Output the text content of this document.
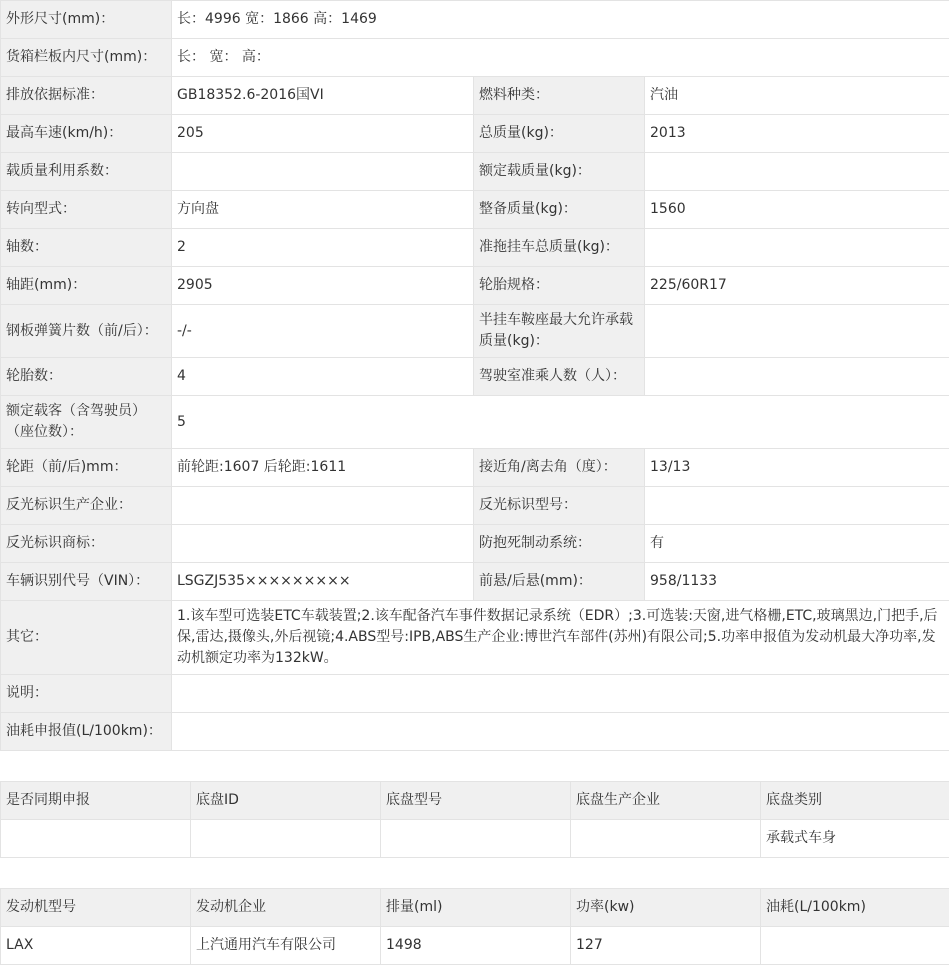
外形尺寸(mm)：	长：4996 宽：1866 高：1469		
货箱栏板内尺寸(mm)：	长： 宽： 高：		
排放依据标准：	GB18352.6-2016国VI	燃料种类：	汽油
最高车速(km/h)：	205	总质量(kg)：	2013
载质量利用系数：		额定载质量(kg)：	
转向型式：	方向盘	整备质量(kg)：	1560
轴数：	2	准拖挂车总质量(kg)：	
轴距(mm)：	2905	轮胎规格：	225/60R17
钢板弹簧片数（前/后）：	-/-	半挂车鞍座最大允许承载质量(kg)：	
轮胎数：	4	驾驶室准乘人数（人）：	
额定载客（含驾驶员）（座位数）：	5		
轮距（前/后)mm：	前轮距:1607 后轮距:1611	接近角/离去角（度）：	13/13
反光标识生产企业：		反光标识型号：	
反光标识商标：		防抱死制动系统：	有
车辆识别代号（VIN）：	LSGZJ535×××××××××	前悬/后悬(mm)：	958/1133
其它：	1.该车型可选装ETC车载装置;2.该车配备汽车事件数据记录系统（EDR）;3.可选装:天窗,进气格栅,ETC,玻璃黑边,门把手,后保,雷达,摄像头,外后视镜;4.ABS型号:IPB,ABS生产企业:博世汽车部件(苏州)有限公司;5.功率申报值为发动机最大净功率,发动机额定功率为132kW。		
说明：			
油耗申报值(L/100km)：			
是否同期申报	底盘ID	底盘型号	底盘生产企业	底盘类别
				承载式车身
发动机型号	发动机企业	排量(ml)	功率(kw)	油耗(L/100km)
LAX	上汽通用汽车有限公司	1498	127	
